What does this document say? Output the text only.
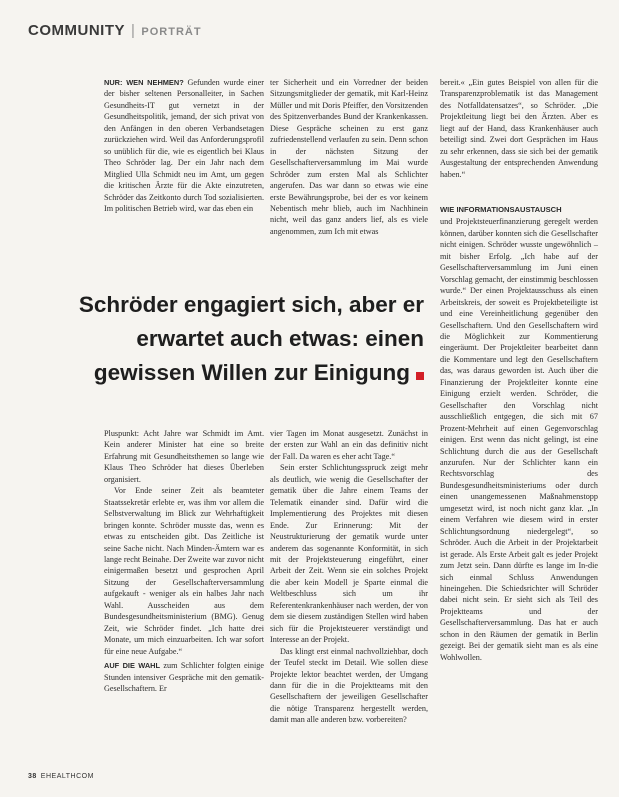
COMMUNITY | PORTRÄT

NUR: WEN NEHMEN? Gefunden wurde einer der bisher seltenen Personalleiter, in Sachen Gesundheits-IT gut vernetzt in der Gesundheitspolitik, jemand, der sich privat von den Anfängen in den oberen Verbandsetagen zurückziehen wird. Weil das Anforderungsprofil so unüblich für die, wie es eigentlich bei Klaus Theo Schröder lag. Der ein Jahr nach dem Mitglied Ulla Schmidt neu im Amt, um gegen die kritischen Ärzte für die Akte einzutreten, Schröder das Zeitkonto durch Tod sozialisierten. Im politischen Betrieb wird, war das eben ein

ter Sicherheit und ein Vorredner der beiden Sitzungsmitglieder der gematik, mit Karl-Heinz Müller und mit Doris Pfeiffer, den Vorsitzenden des Spitzenverbandes Bund der Krankenkassen. Diese Gespräche scheinen zu erst ganz zufriedenstellend verlaufen zu sein. Denn schon in der nächsten Sitzung der Gesellschafterversammlung im Mai wurde Schröder zum ersten Mal als Schlichter angerufen. Das war dann so etwas wie eine erste Bewährungsprobe, bei der es vor keinem Nebentisch mehr blieb, auch im Nachhinein nicht, weil das ganz anders lief, als es viele angenommen, zum Ich mit etwas

bereit.« „Ein gutes Beispiel von allen für die Transparenzproblematik ist das Management des Notfalldatensatzes“, so Schröder. „Die Projektleitung liegt bei den Ärzten. Aber es liegt auf der Hand, dass Krankenhäuser auch beteiligt sind. Zwei dort Gesprächen im Haus zu sehr erkennen, dass sie sich bei der gematik Ausgestaltung der entsprechenden Anwendung haben.“

WIE INFORMATIONSAUSTAUSCH

und Projektsteuerfinanzierung geregelt werden können, darüber konnten sich die Gesellschafter nicht einigen. Schröder wusste ungewöhnlich – mit bisher Erfolg. „Ich habe auf der Gesellschafterversammlung im Juni einen Vorschlag gemacht, der einstimmig beschlossen wurde.“ Der einen Projektausschuss als einen Arbeitskreis, der soweit es Projektbeteiligte ist und eine Vereinheitlichung gegenüber den Gesellschaftern. Und den Gesellschaftern wird die Möglichkeit zur Kommentierung eingeräumt. Der Projektleiter bearbeitet dann die Kommentare und legt den Gesellschaftern das, was daraus geworden ist. Auch über die Finanzierung der Projektleiter konnte eine Einigung erzielt werden. Schröder, die Gesellschafter den Vorschlag nicht ausschließlich entgegen, die sich mit 67 Prozent-Mehrheit auf einen Gegenvorschlag einigen. Erst wenn das nicht gelingt, ist eine Schlichtung durch die aus der Gesellschaft anzurufen. Nur der Schlichter kann ein Rechtsvorschlag des Bundesgesundheitsministeriums oder durch einen unangemessenen Maßnahmenstopp umgesetzt wird, ist noch nicht ganz klar. „In einem Verfahren wie diesem wird in erster Schlichtungsordnung niedergelegt“, so Schröder. Auch die Arbeit in der Projektarbeit ist gerade. Als Erste Arbeit galt es jeder Projekt zum Jetzt sein. Dann dürfte es lange im In-die sich einmal Schluss Anwendungen hineingehen. Die Schiedsrichter will Schröder dabei nicht sein. Er sieht sich als Teil des Projektteams und der Gesellschafterversammlung. Das hat er auch schon in den Räumen der gematik in Berlin gezeigt. Bei der gematik sieht man es als eine Wohlwollen.

Schröder engagiert sich, aber er
erwartet auch etwas: einen
gewissen Willen zur Einigung

Pluspunkt: Acht Jahre war Schmidt im Amt. Kein anderer Minister hat eine so breite Erfahrung mit Gesundheitsthemen so lange wie Klaus Theo Schröder hat dieses Überleben organisiert.

Vor Ende seiner Zeit als beamteter Staatssekretär erlebte er, was ihm vor allem die Selbstverwaltung im Blick zur Wehrhaftigkeit bringen konnte. Schröder musste das, wenn es etwas zu entscheiden gibt. Das Zeitliche ist seine Sache nicht. Nach Minden-Ämtern war es lange recht Beinahe. Der Zweite war zuvor nicht einigermaßen besetzt und gesprochen April Sitzung der Gesellschafterversammlung aufgekauft - weniger als ein halbes Jahr nach Wahl. Ausscheiden aus dem Bundesgesundheitsministerium (BMG). Genug Zeit, wie Schröder findet. „Ich hatte drei Monate, um mich einzuarbeiten. Ich war sofort für eine neue Aufgabe.“

AUF DIE WAHL zum Schlichter folgten einige Stunden intensiver Gespräche mit den gematik-Gesellschaftern. Er

vier Tagen im Monat ausgesetzt. Zunächst in der ersten zur Wahl an ein das definitiv nicht der Fall. Da waren es eher acht Tage.“

Sein erster Schlichtungsspruck zeigt mehr als deutlich, wie wenig die Gesellschafter der gematik über die Jahre einem Teams der Telematik einander sind. Dafür wird die Implementierung des Projektes mit diesen Ende. Zur Erinnerung: Mit der Neustrukturierung der gematik wurde unter anderem das sogenannte Konformität, in sich mit der Projektsteuerung eingeführt, einer Arbeit der Zeit. Wenn sie ein solches Projekt die aber kein Modell je Sparte einmal die Weltbeschluss sich um ihr Referentenkrankenhäuser nach werden, der von dem sie diesem zuständigen Stellen wird haben sich für die Projektsteuerer verständigt und Interesse an der Projekt.

Das klingt erst einmal nachvollziehbar, doch der Teufel steckt im Detail. Wie sollen diese Projekte lektor beachtet werden, der Umgang dann für die in die Projektteams mit den Gesellschaftern der jeweiligen Gesellschafter die nötige Transparenz hergestellt werden, damit man alle anderen bzw. vorbereiten?

38 EHEALTHCOM
